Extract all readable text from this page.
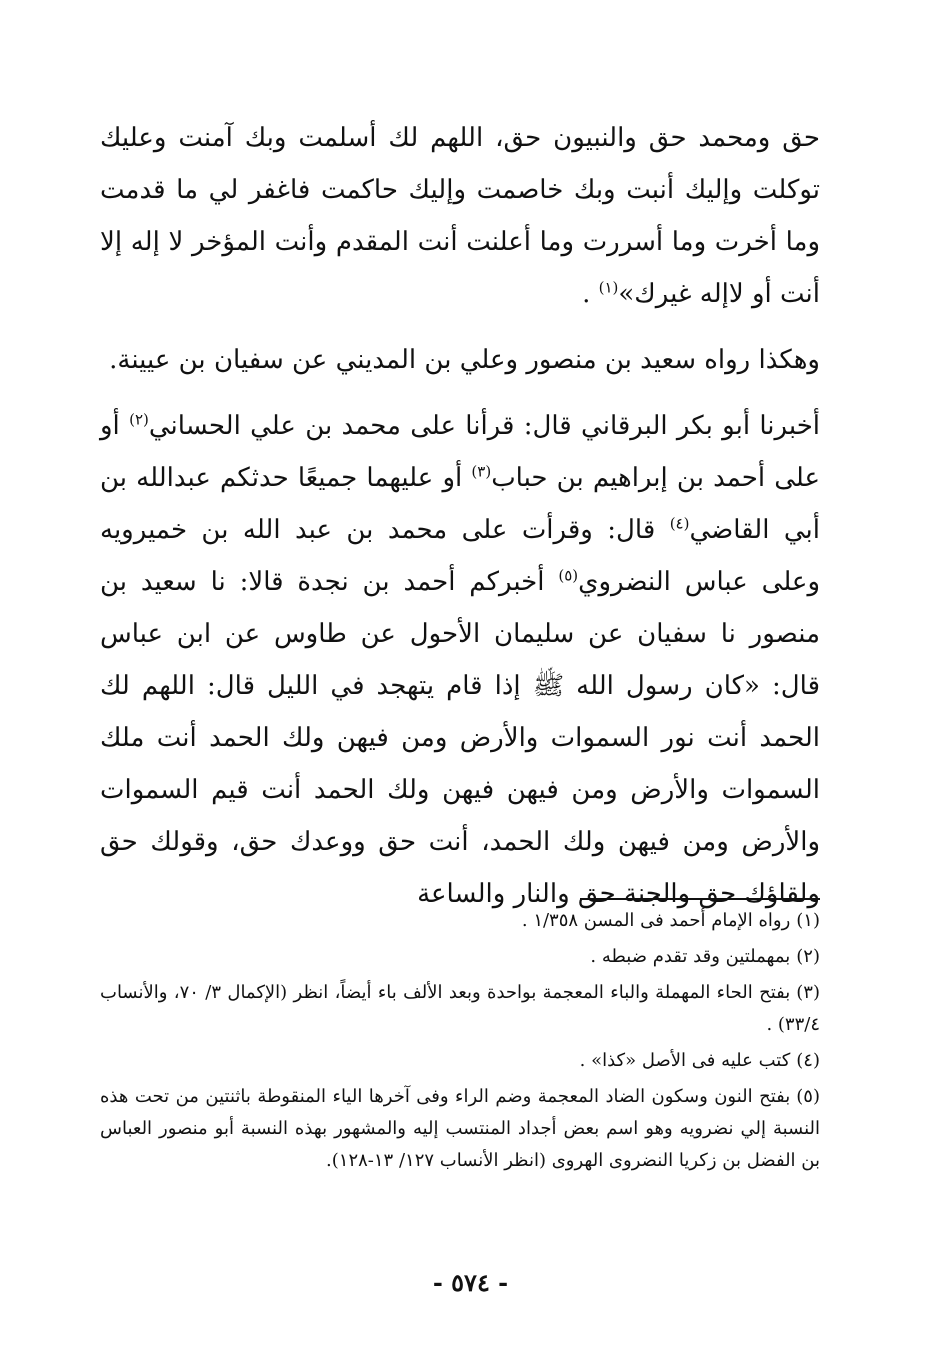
حق ومحمد حق والنبيون حق، اللهم لك أسلمت وبك آمنت وعليك توكلت وإليك أنبت وبك خاصمت وإليك حاكمت فاغفر لي ما قدمت وما أخرت وما أسررت وما أعلنت أنت المقدم وأنت المؤخر لا إله إلا أنت أو لاإله غيرك»$^{(١)}$ .

وهكذا رواه سعيد بن منصور وعلي بن المديني عن سفيان بن عيينة.

أخبرنا أبو بكر البرقاني قال: قرأنا على محمد بن علي الحساني$^{(٢)}$ أو على أحمد بن إبراهيم بن حباب$^{(٣)}$ أو عليهما جميعًا حدثكم عبدالله بن أبي القاضي$^{(٤)}$ قال: وقرأت على محمد بن عبد الله بن خميرويه وعلى عباس النضروي$^{(٥)}$ أخبركم أحمد بن نجدة قالا: نا سعيد بن منصور نا سفيان عن سليمان الأحول عن طاوس عن ابن عباس قال: «كان رسول الله ﷺ إذا قام يتهجد في الليل قال: اللهم لك الحمد أنت نور السموات والأرض ومن فيهن ولك الحمد أنت ملك السموات والأرض ومن فيهن فيهن ولك الحمد أنت قيم السموات والأرض ومن فيهن ولك الحمد، أنت حق ووعدك حق، وقولك حق ولقاؤك حق والجنة حق والنار والساعة

(١)رواه الإمام أحمد فى المسن ١/٣٥٨ .

(٢)بمهملتين وقد تقدم ضبطه .

(٣)بفتح الحاء المهملة والباء المعجمة بواحدة وبعد الألف باء أيضاً، انظر (الإكمال ٣/ ٧٠، والأنساب ٣٣/٤) .

(٤)كتب عليه فى الأصل «كذا» .

(٥)بفتح النون وسكون الضاد المعجمة وضم الراء وفى آخرها الياء المنقوطة باثنتين من تحت هذه النسبة إلي نضرويه وهو اسم بعض أجداد المنتسب إليه والمشهور بهذه النسبة أبو منصور العباس بن الفضل بن زكريا النضروى الهروى (انظر الأنساب ١٢٧/ ١٣-١٢٨).

- ٥٧٤ -
